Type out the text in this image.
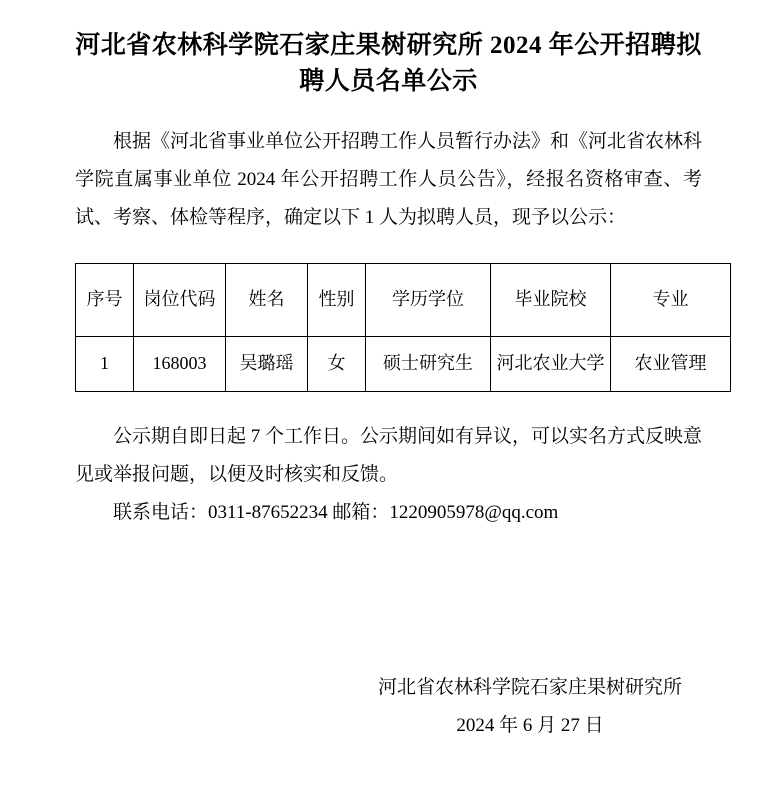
河北省农林科学院石家庄果树研究所 2024 年公开招聘拟聘人员名单公示

根据《河北省事业单位公开招聘工作人员暂行办法》和《河北省农林科学院直属事业单位 2024 年公开招聘工作人员公告》，经报名资格审查、考试、考察、体检等程序，确定以下 1 人为拟聘人员，现予以公示：

序号	岗位代码	姓名	性别	学历学位	毕业院校	专业
1	168003	吴璐瑶	女	硕士研究生	河北农业大学	农业管理

公示期自即日起 7 个工作日。公示期间如有异议，可以实名方式反映意见或举报问题，以便及时核实和反馈。

联系电话：0311-87652234 邮箱：1220905978@qq.com

河北省农林科学院石家庄果树研究所
2024 年 6 月 27 日
